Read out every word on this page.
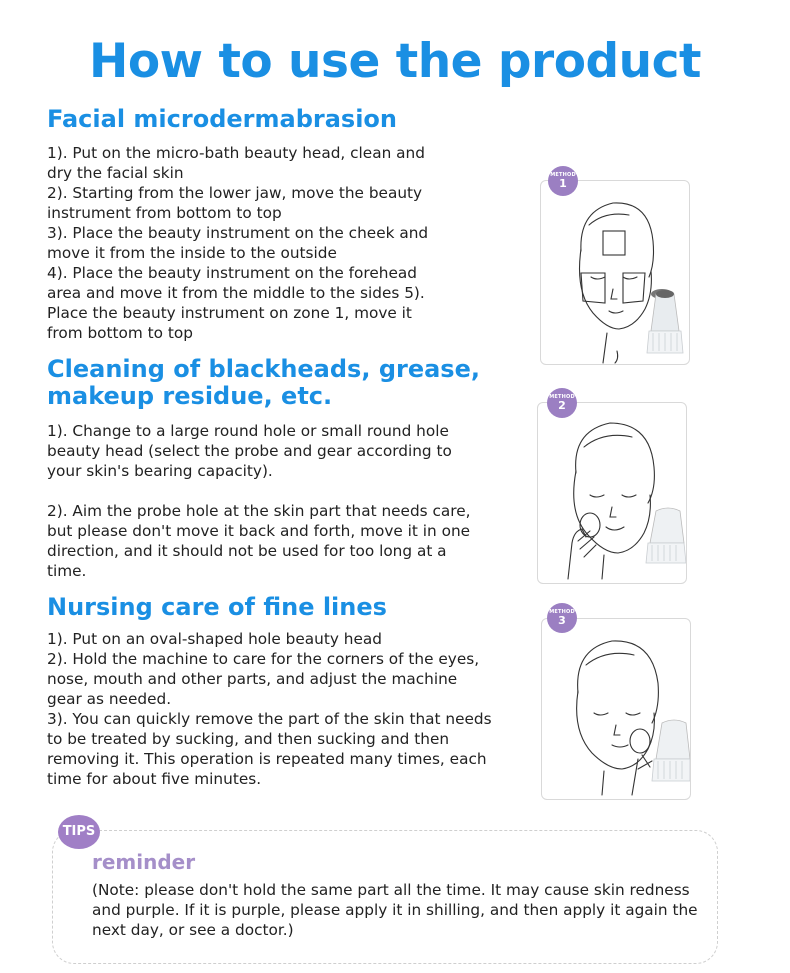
How to use the product
Facial microdermabrasion

1). Put on the micro-bath beauty head, clean and dry the facial skin

2). Starting from the lower jaw, move the beauty instrument from bottom to top

3). Place the beauty instrument on the cheek and move it from the inside to the outside

4). Place the beauty instrument on the forehead area and move it from the middle to the sides 5). Place the beauty instrument on zone 1, move it from bottom to top

Cleaning of blackheads, grease, makeup residue, etc.

1). Change to a large round hole or small round hole beauty head (select the probe and gear according to your skin's bearing capacity).

2). Aim the probe hole at the skin part that needs care, but please don't move it back and forth, move it in one direction, and it should not be used for too long at a time.

Nursing care of fine lines

1). Put on an oval-shaped hole beauty head

2). Hold the machine to care for the corners of the eyes, nose, mouth and other parts, and adjust the machine gear as needed.

3). You can quickly remove the part of the skin that needs to be treated by sucking, and then sucking and then removing it. This operation is repeated many times, each time for about five minutes.

METHOD
1
METHOD
2
METHOD
3
TIPS
reminder

(Note: please don't hold the same part all the time. It may cause skin redness and purple. If it is purple, please apply it in shilling, and then apply it again the next day, or see a doctor.)
